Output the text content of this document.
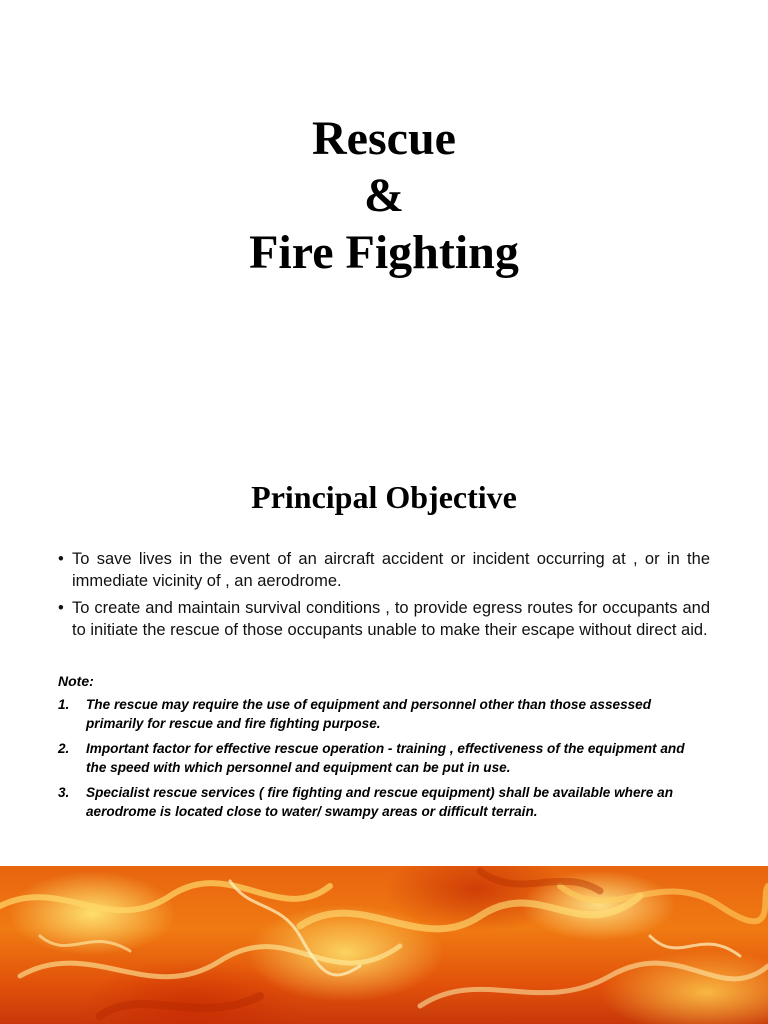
Rescue
&
Fire Fighting
Principal Objective
• To save lives in the event of an aircraft accident or incident occurring at , or in the immediate vicinity of , an aerodrome.
• To create and maintain survival conditions , to provide egress routes for occupants and to initiate the rescue of those occupants unable to make their escape without direct aid.
Note:
1. The rescue may require the use of equipment and personnel other than those assessed primarily for rescue and fire fighting purpose.
2. Important factor for effective rescue operation - training , effectiveness of the equipment and the speed with which personnel and equipment can be put in use.
3. Specialist rescue services ( fire fighting and rescue equipment) shall be available where an aerodrome is located close to water/ swampy areas or difficult terrain.
